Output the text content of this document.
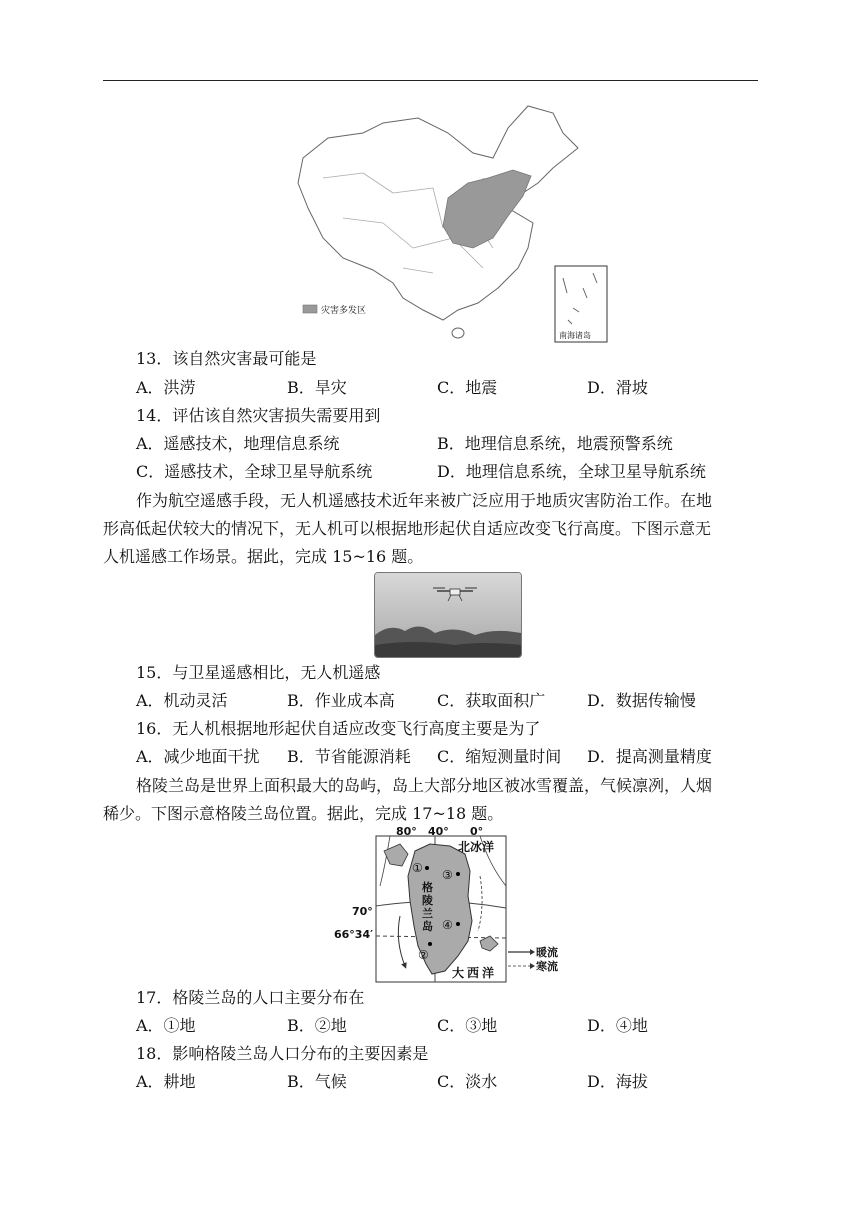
灾害多发区
南海诸岛
13．该自然灾害最可能是
A．洪涝	B．旱灾	C．地震	D．滑坡
14．评估该自然灾害损失需要用到
A．遥感技术，地理信息系统	B．地理信息系统，地震预警系统
C．遥感技术，全球卫星导航系统	D．地理信息系统，全球卫星导航系统
作为航空遥感手段，无人机遥感技术近年来被广泛应用于地质灾害防治工作。在地
形高低起伏较大的情况下，无人机可以根据地形起伏自适应改变飞行高度。下图示意无
人机遥感工作场景。据此，完成 15~16 题。
15．与卫星遥感相比，无人机遥感
A．机动灵活	B．作业成本高	C．获取面积广	D．数据传输慢
16．无人机根据地形起伏自适应改变飞行高度主要是为了
A．减少地面干扰 B．节省能源消耗 C．缩短测量时间 D．提高测量精度
格陵兰岛是世界上面积最大的岛屿，岛上大部分地区被冰雪覆盖，气候凛冽，人烟
稀少。下图示意格陵兰岛位置。据此，完成 17~18 题。
80° 40° 0°
70°
66°34′
北冰洋
大西洋
格
陵
兰
岛
①
②
③
④
暖流
寒流
17．格陵兰岛的人口主要分布在
A．①地	B．②地	C．③地	D．④地
18．影响格陵兰岛人口分布的主要因素是
A．耕地	B．气候	C．淡水	D．海拔
